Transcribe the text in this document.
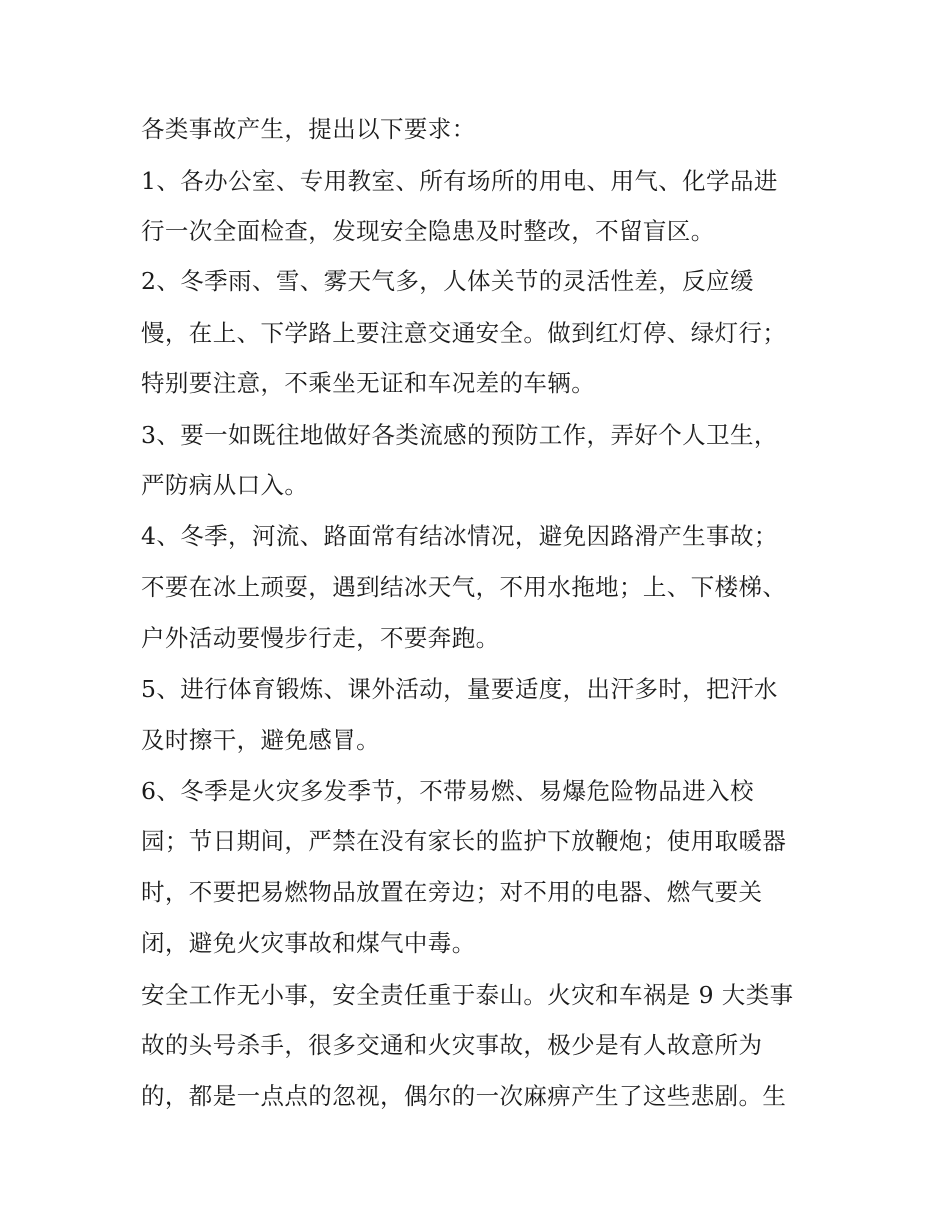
各类事故产生，提出以下要求：
1、各办公室、专用教室、所有场所的用电、用气、化学品进
行一次全面检查，发现安全隐患及时整改，不留盲区。
2、冬季雨、雪、雾天气多，人体关节的灵活性差，反应缓
慢，在上、下学路上要注意交通安全。做到红灯停、绿灯行；
特别要注意，不乘坐无证和车况差的车辆。
3、要一如既往地做好各类流感的预防工作，弄好个人卫生，
严防病从口入。
4、冬季，河流、路面常有结冰情况，避免因路滑产生事故；
不要在冰上顽耍，遇到结冰天气，不用水拖地；上、下楼梯、
户外活动要慢步行走，不要奔跑。
5、进行体育锻炼、课外活动，量要适度，出汗多时，把汗水
及时擦干，避免感冒。
6、冬季是火灾多发季节，不带易燃、易爆危险物品进入校
园；节日期间，严禁在没有家长的监护下放鞭炮；使用取暖器
时，不要把易燃物品放置在旁边；对不用的电器、燃气要关
闭，避免火灾事故和煤气中毒。
安全工作无小事，安全责任重于泰山。火灾和车祸是 9 大类事
故的头号杀手，很多交通和火灾事故，极少是有人故意所为
的，都是一点点的忽视，偶尔的一次麻痹产生了这些悲剧。生
